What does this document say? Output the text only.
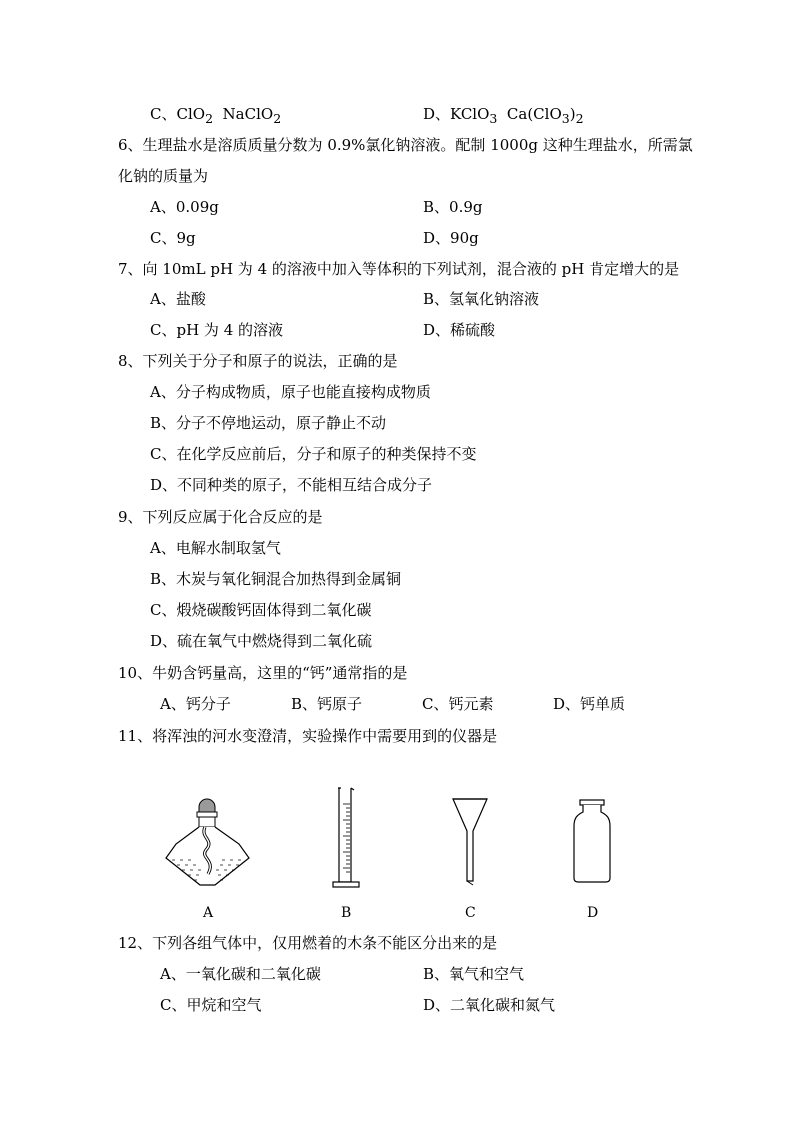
C、ClO$_2$  NaClO$_2$	D、KClO$_3$  $Ca(ClO_3)_2$
6、生理盐水是溶质质量分数为 0.9%氯化钠溶液。配制 1000g 这种生理盐水，所需氯
化钠的质量为
A、0.09g	B、0.9g
C、9g	D、90g
7、向 10mL pH 为 4 的溶液中加入等体积的下列试剂，混合液的 pH 肯定增大的是
A、盐酸	B、氢氧化钠溶液
C、pH 为 4 的溶液	D、稀硫酸
8、下列关于分子和原子的说法，正确的是
A、分子构成物质，原子也能直接构成物质
B、分子不停地运动，原子静止不动
C、在化学反应前后，分子和原子的种类保持不变
D、不同种类的原子，不能相互结合成分子
9、下列反应属于化合反应的是
A、电解水制取氢气
B、木炭与氧化铜混合加热得到金属铜
C、煅烧碳酸钙固体得到二氧化碳
D、硫在氧气中燃烧得到二氧化硫
10、牛奶含钙量高，这里的“钙”通常指的是
A、钙分子	B、钙原子	C、钙元素	D、钙单质
11、将浑浊的河水变澄清，实验操作中需要用到的仪器是
A	B	C	D
12、下列各组气体中，仅用燃着的木条不能区分出来的是
A、一氧化碳和二氧化碳	B、氧气和空气
C、甲烷和空气	D、二氧化碳和氮气
